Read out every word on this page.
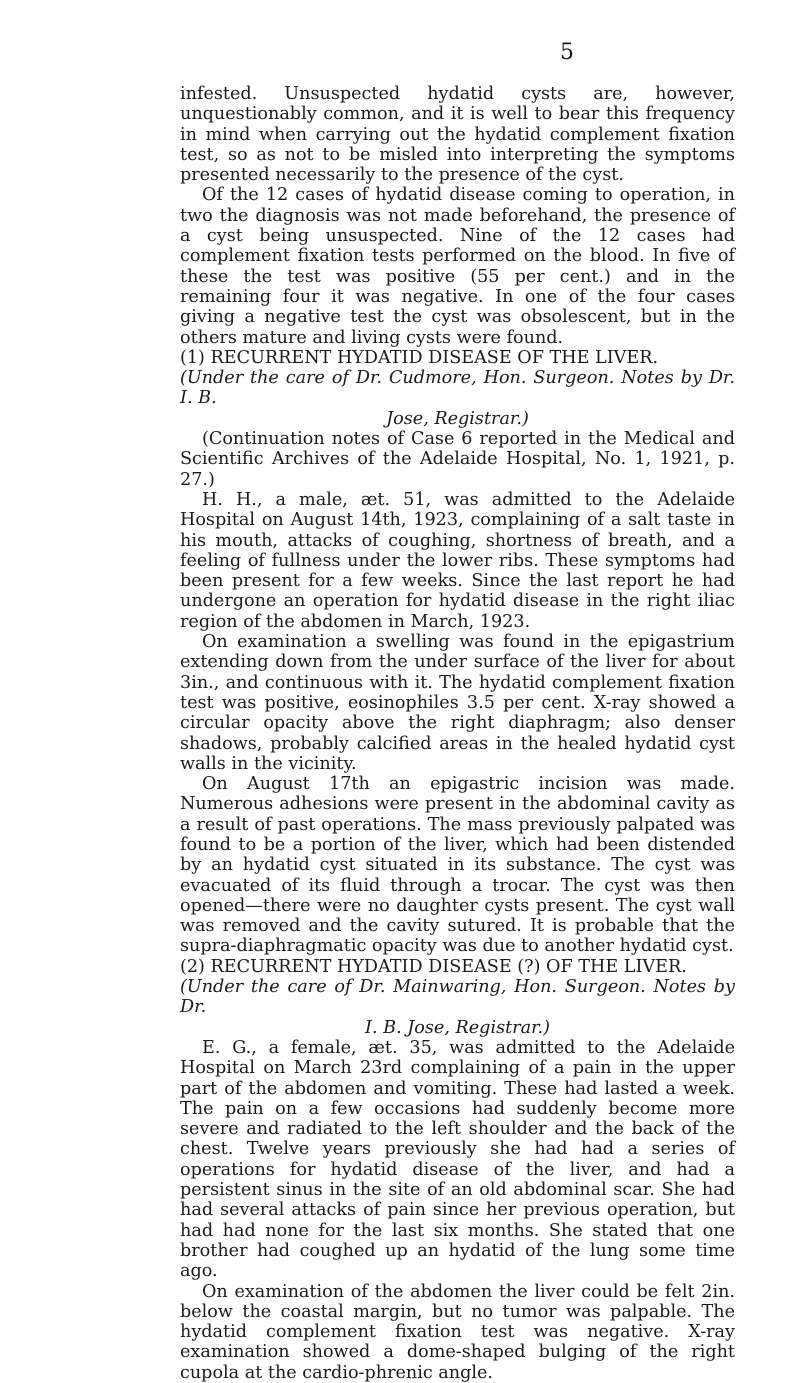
5

infested. Unsuspected hydatid cysts are, however, unquestionably common, and it is well to bear this frequency in mind when carrying out the hydatid complement fixation test, so as not to be misled into interpreting the symptoms presented necessarily to the presence of the cyst.

Of the 12 cases of hydatid disease coming to operation, in two the diagnosis was not made beforehand, the presence of a cyst being unsuspected. Nine of the 12 cases had complement fixation tests performed on the blood. In five of these the test was positive (55 per cent.) and in the remaining four it was negative. In one of the four cases giving a negative test the cyst was obsolescent, but in the others mature and living cysts were found.

(1) RECURRENT HYDATID DISEASE OF THE LIVER.

(Under the care of Dr. Cudmore, Hon. Surgeon. Notes by Dr. I. B.
Jose, Registrar.)

(Continuation notes of Case 6 reported in the Medical and Scientific Archives of the Adelaide Hospital, No. 1, 1921, p. 27.)

H. H., a male, æt. 51, was admitted to the Adelaide Hospital on August 14th, 1923, complaining of a salt taste in his mouth, attacks of coughing, shortness of breath, and a feeling of fullness under the lower ribs. These symptoms had been present for a few weeks. Since the last report he had undergone an operation for hydatid disease in the right iliac region of the abdomen in March, 1923.

On examination a swelling was found in the epigastrium extending down from the under surface of the liver for about 3in., and continuous with it. The hydatid complement fixation test was positive, eosinophiles 3.5 per cent. X-ray showed a circular opacity above the right diaphragm; also denser shadows, probably calcified areas in the healed hydatid cyst walls in the vicinity.

On August 17th an epigastric incision was made. Numerous adhesions were present in the abdominal cavity as a result of past operations. The mass previously palpated was found to be a portion of the liver, which had been distended by an hydatid cyst situated in its substance. The cyst was evacuated of its fluid through a trocar. The cyst was then opened—there were no daughter cysts present. The cyst wall was removed and the cavity sutured. It is probable that the supra-diaphragmatic opacity was due to another hydatid cyst.

(2) RECURRENT HYDATID DISEASE (?) OF THE LIVER.

(Under the care of Dr. Mainwaring, Hon. Surgeon. Notes by Dr.
I. B. Jose, Registrar.)

E. G., a female, æt. 35, was admitted to the Adelaide Hospital on March 23rd complaining of a pain in the upper part of the abdomen and vomiting. These had lasted a week. The pain on a few occasions had suddenly become more severe and radiated to the left shoulder and the back of the chest. Twelve years previously she had had a series of operations for hydatid disease of the liver, and had a persistent sinus in the site of an old abdominal scar. She had had several attacks of pain since her previous operation, but had had none for the last six months. She stated that one brother had coughed up an hydatid of the lung some time ago.

On examination of the abdomen the liver could be felt 2in. below the coastal margin, but no tumor was palpable. The hydatid complement fixation test was negative. X-ray examination showed a dome-shaped bulging of the right cupola at the cardio-phrenic angle.
